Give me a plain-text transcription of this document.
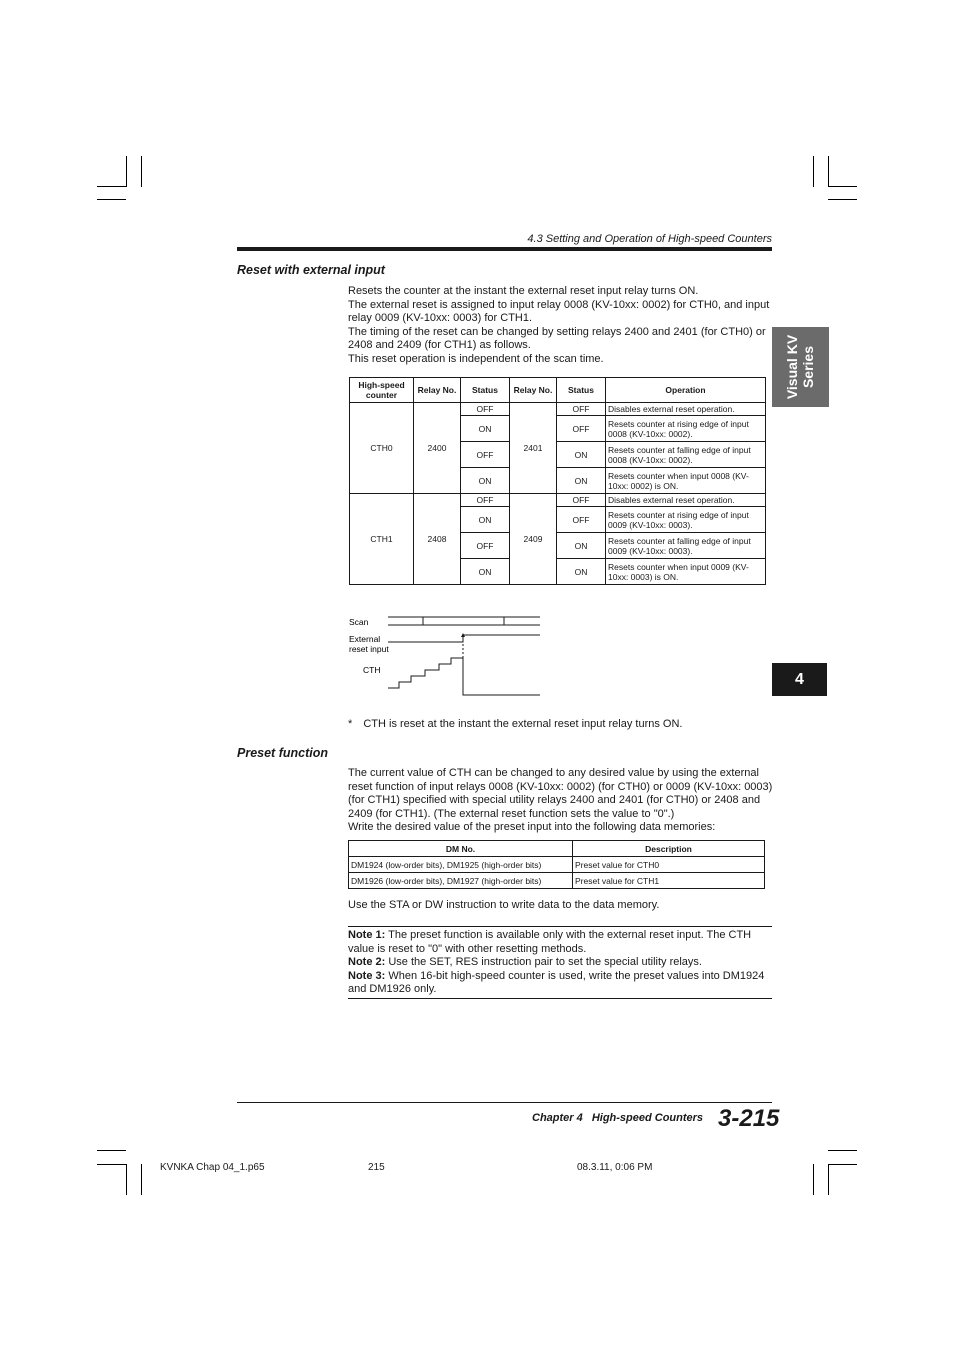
4.3 Setting and Operation of High-speed Counters
Visual KV Series
4
Reset with external input

Resets the counter at the instant the external reset input relay turns ON.

The external reset is assigned to input relay 0008 (KV-10xx: 0002) for CTH0, and input relay 0009 (KV-10xx: 0003) for CTH1.

The timing of the reset can be changed by setting relays 2400 and 2401 (for CTH0) or 2408 and 2409 (for CTH1) as follows.

This reset operation is independent of the scan time.

High-speed counter	Relay No.	Status	Relay No.	Status	Operation
CTH0	2400	OFF	2401	OFF	Disables external reset operation.
		ON		OFF	Resets counter at rising edge of input 0008 (KV-10xx: 0002).
		OFF		ON	Resets counter at falling edge of input 0008 (KV-10xx: 0002).
		ON		ON	Resets counter when input 0008 (KV-10xx: 0002) is ON.
CTH1	2408	OFF	2409	OFF	Disables external reset operation.
		ON		OFF	Resets counter at rising edge of input 0009 (KV-10xx: 0003).
		OFF		ON	Resets counter at falling edge of input 0009 (KV-10xx: 0003).
		ON		ON	Resets counter when input 0009 (KV-10xx: 0003) is ON.
Scan
External
reset input
CTH
* CTH is reset at the instant the external reset input relay turns ON.
Preset function

The current value of CTH can be changed to any desired value by using the external reset function of input relays 0008 (KV-10xx: 0002) (for CTH0) or 0009 (KV-10xx: 0003) (for CTH1) specified with special utility relays 2400 and 2401 (for CTH0) or 2408 and 2409 (for CTH1). (The external reset function sets the value to "0".)

Write the desired value of the preset input into the following data memories:

DM No.	Description
DM1924 (low-order bits), DM1925 (high-order bits)	Preset value for CTH0
DM1926 (low-order bits), DM1927 (high-order bits)	Preset value for CTH1
Use the STA or DW instruction to write data to the data memory.

Note 1: The preset function is available only with the external reset input. The CTH value is reset to "0" with other resetting methods.

Note 2: Use the SET, RES instruction pair to set the special utility relays.

Note 3: When 16-bit high-speed counter is used, write the preset values into DM1924 and DM1926 only.

Chapter 4 High-speed Counters 3-215
KVNKA Chap 04_1.p65	215	08.3.11, 0:06 PM
